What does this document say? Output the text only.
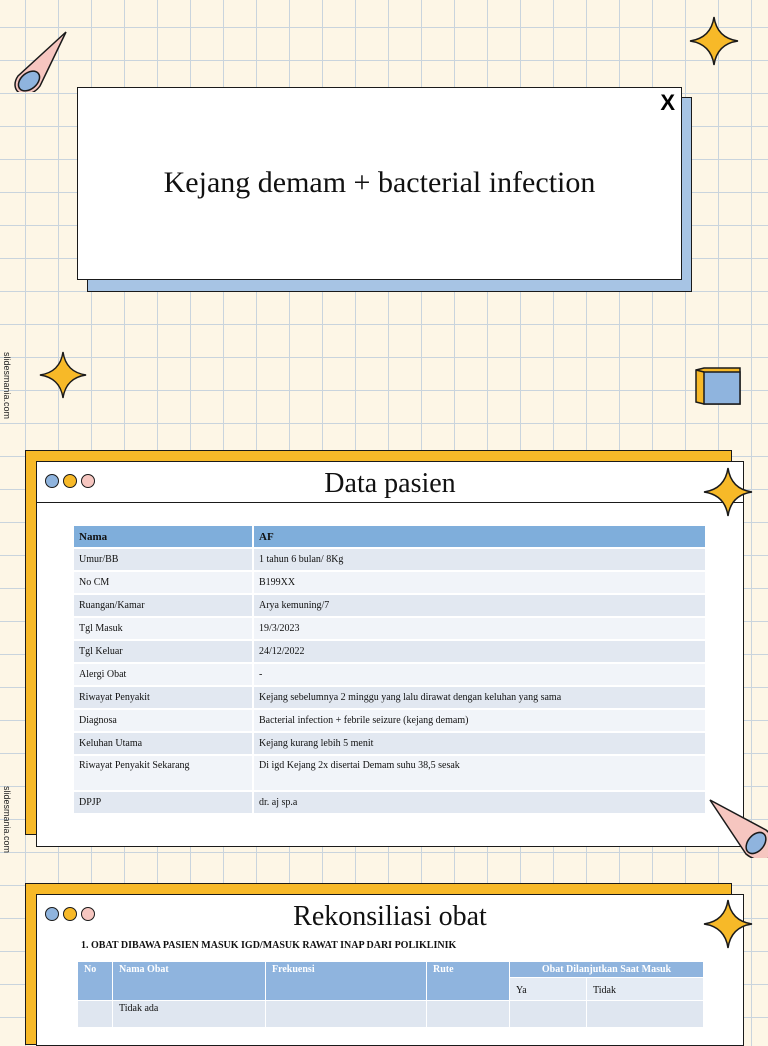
X
Kejang demam + bacterial infection
slidesmania.com
slidesmania.com
Data pasien
Nama	AF
Umur/BB	1 tahun 6 bulan/ 8Kg
No CM	B199XX
Ruangan/Kamar	Arya kemuning/7
Tgl Masuk	19/3/2023
Tgl Keluar	24/12/2022
Alergi Obat	-
Riwayat Penyakit	Kejang sebelumnya 2 minggu yang lalu dirawat dengan keluhan yang sama
Diagnosa	Bacterial infection + febrile seizure (kejang demam)
Keluhan Utama	Kejang kurang lebih 5 menit
Riwayat Penyakit Sekarang	Di igd Kejang 2x disertai Demam suhu 38,5 sesak
DPJP	dr. aj sp.a
Rekonsiliasi obat
1. OBAT DIBAWA PASIEN MASUK IGD/MASUK RAWAT INAP DARI POLIKLINIK
No	Nama Obat	Frekuensi	Rute	Obat Dilanjutkan Saat Masuk	
				Ya	Tidak
	Tidak ada				
